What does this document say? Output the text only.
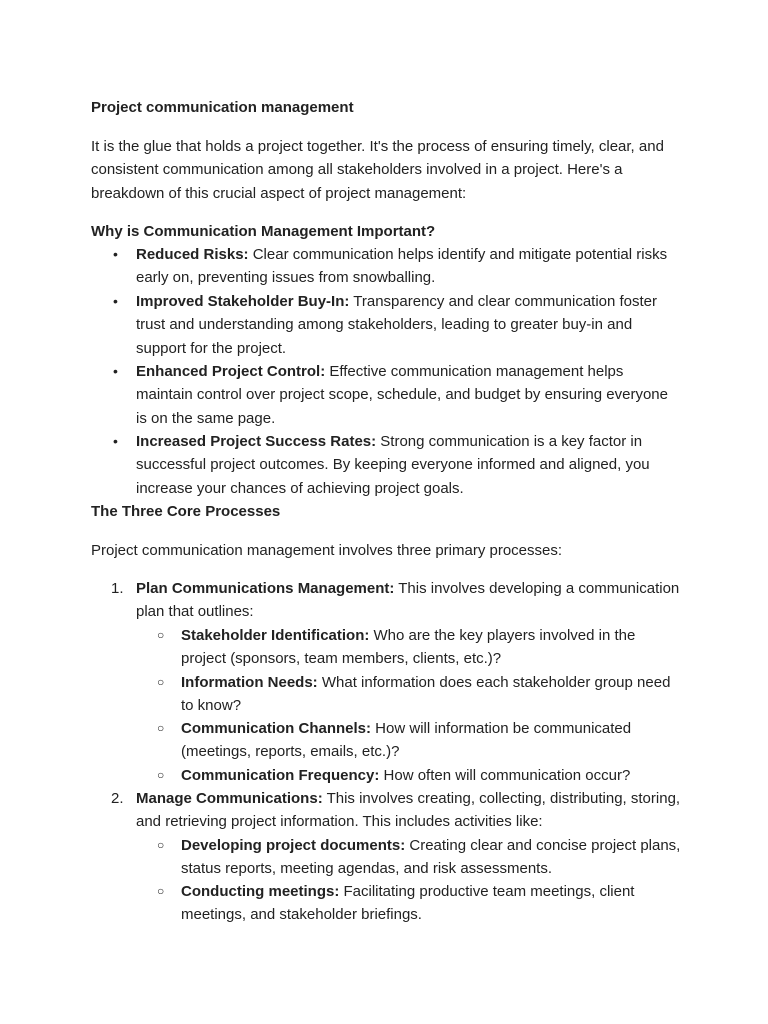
Project communication management

It is the glue that holds a project together. It's the process of ensuring timely, clear, and consistent communication among all stakeholders involved in a project. Here's a breakdown of this crucial aspect of project management:

Why is Communication Management Important?

• Reduced Risks: Clear communication helps identify and mitigate potential risks early on, preventing issues from snowballing.
• Improved Stakeholder Buy-In: Transparency and clear communication foster trust and understanding among stakeholders, leading to greater buy-in and support for the project.
• Enhanced Project Control: Effective communication management helps maintain control over project scope, schedule, and budget by ensuring everyone is on the same page.
• Increased Project Success Rates: Strong communication is a key factor in successful project outcomes. By keeping everyone informed and aligned, you increase your chances of achieving project goals.

The Three Core Processes

Project communication management involves three primary processes:

1. Plan Communications Management: This involves developing a communication plan that outlines:
○ Stakeholder Identification: Who are the key players involved in the project (sponsors, team members, clients, etc.)?
○ Information Needs: What information does each stakeholder group need to know?
○ Communication Channels: How will information be communicated (meetings, reports, emails, etc.)?
○ Communication Frequency: How often will communication occur?
2. Manage Communications: This involves creating, collecting, distributing, storing, and retrieving project information. This includes activities like:
○ Developing project documents: Creating clear and concise project plans, status reports, meeting agendas, and risk assessments.
○ Conducting meetings: Facilitating productive team meetings, client meetings, and stakeholder briefings.
